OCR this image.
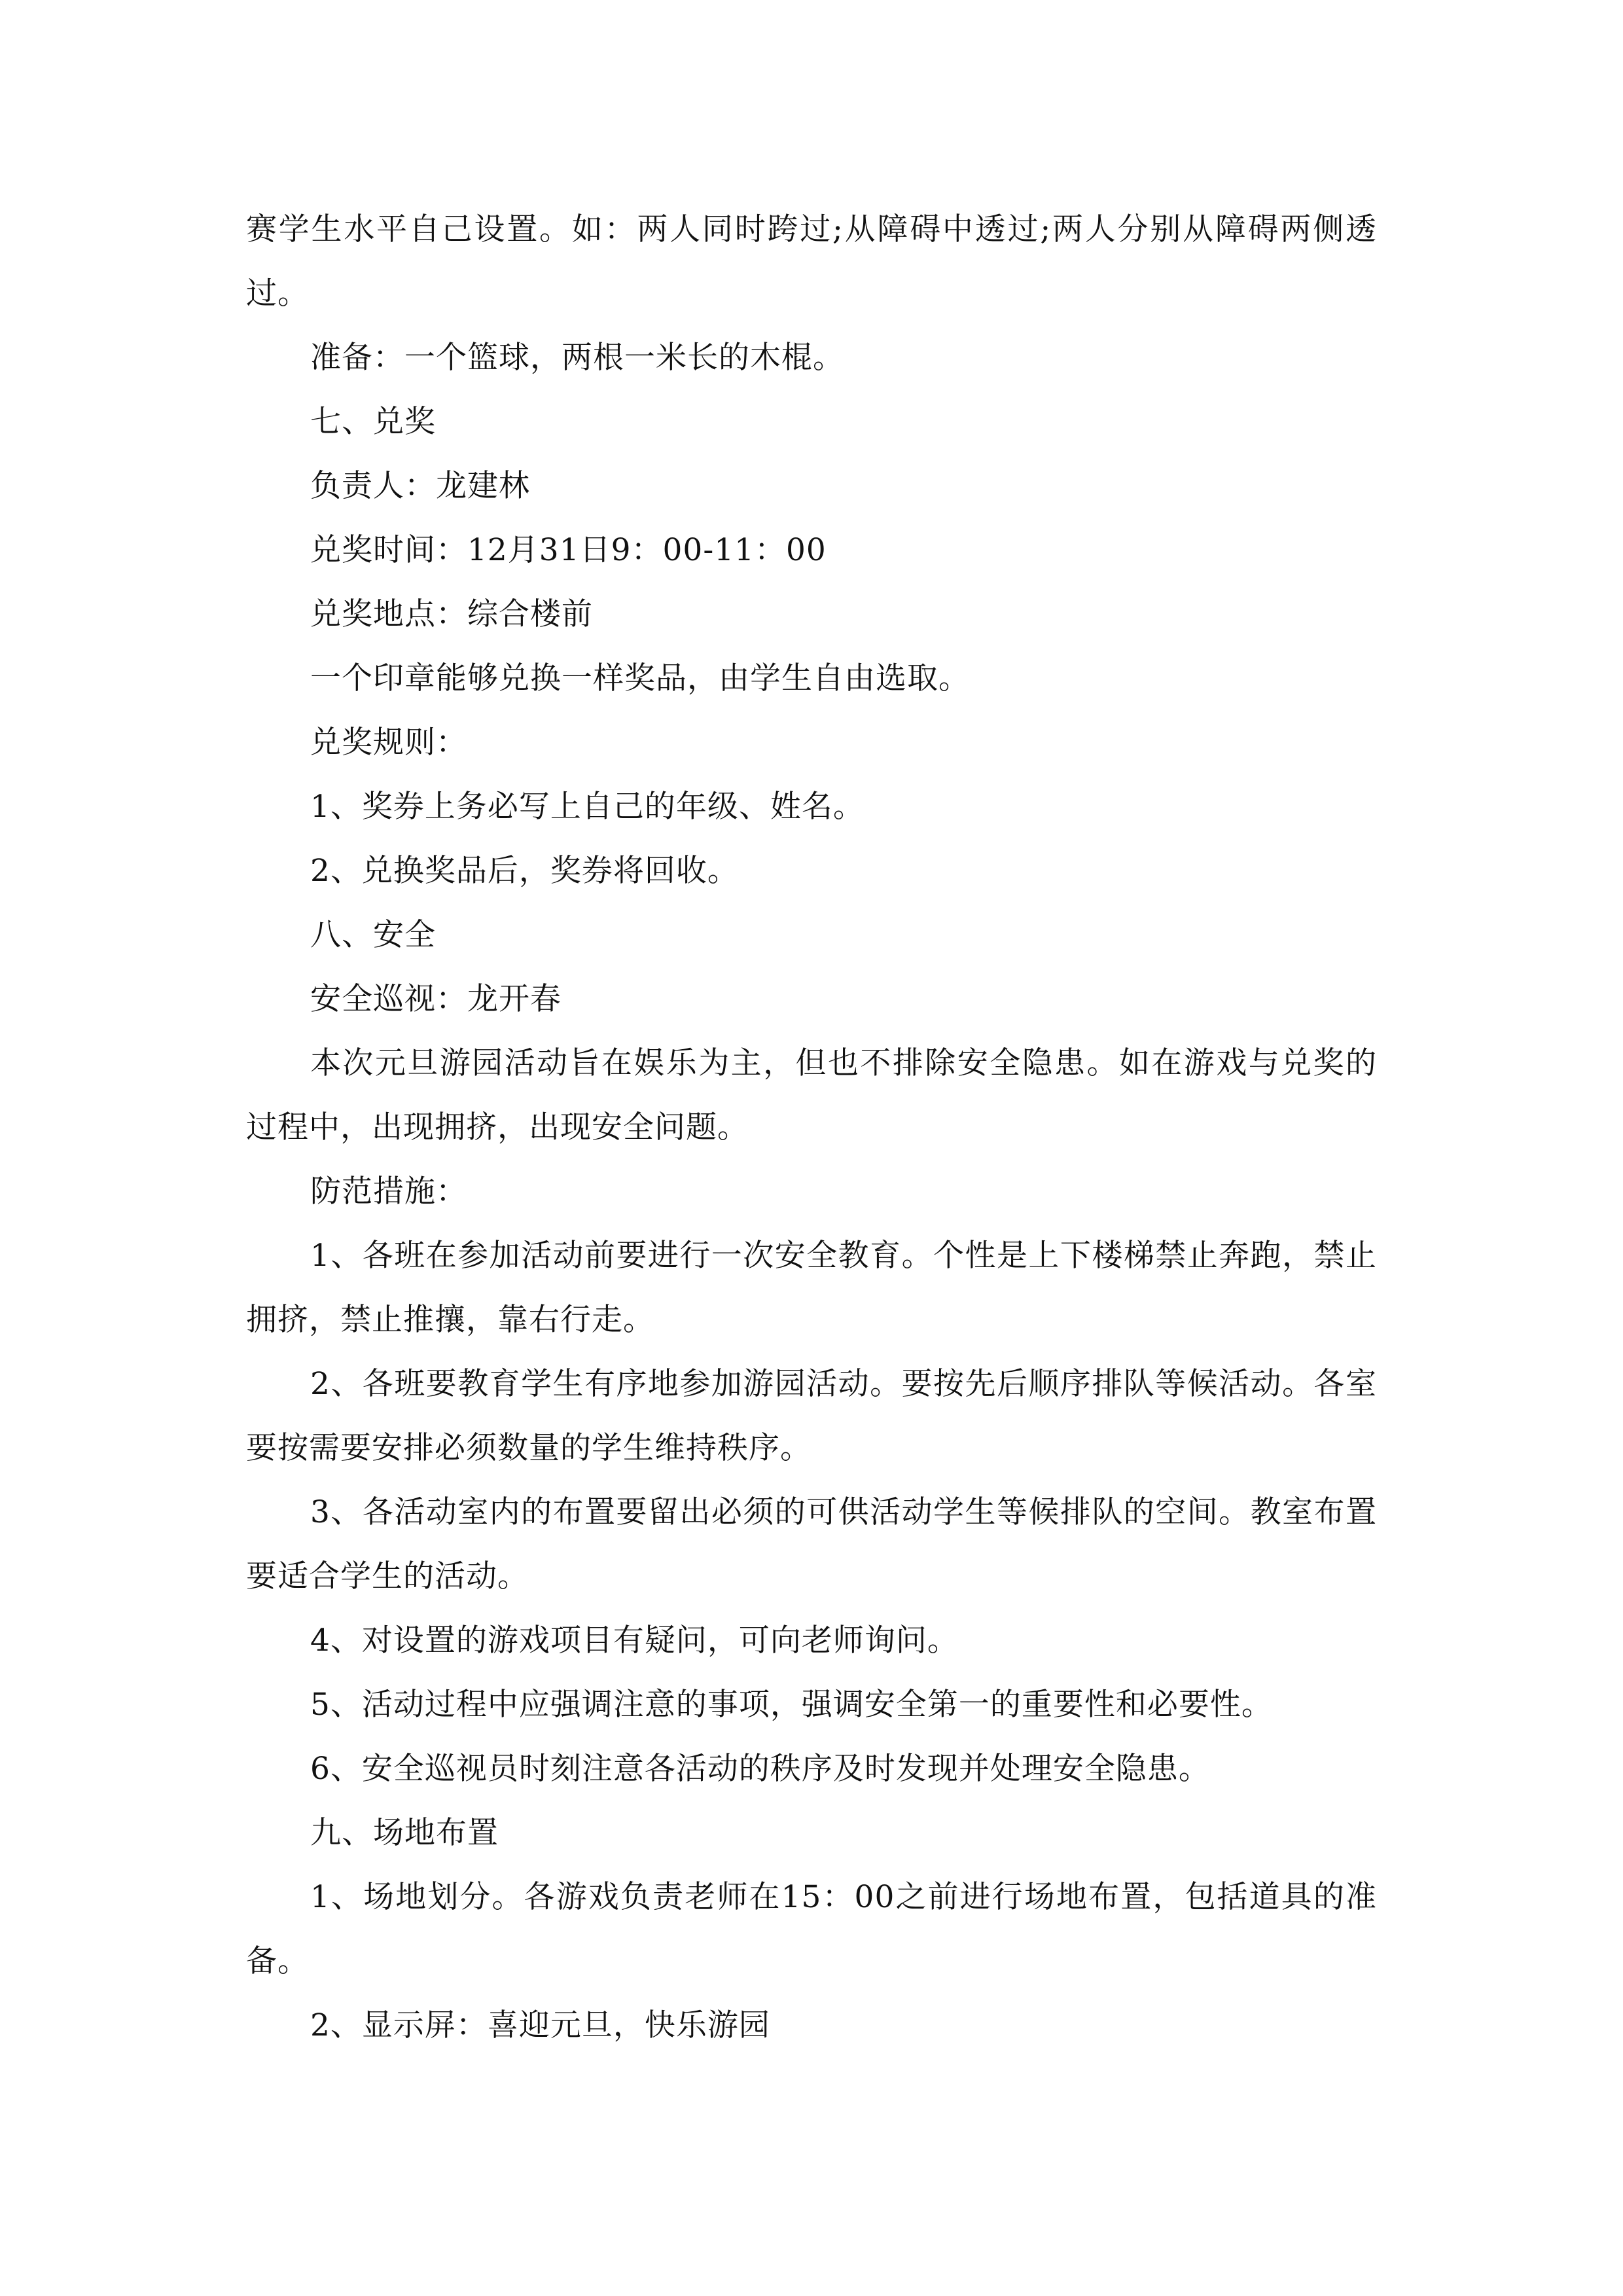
赛学生水平自己设置。如：两人同时跨过;从障碍中透过;两人分别从障碍两侧透过。

准备：一个篮球，两根一米长的木棍。

七、兑奖

负责人：龙建林

兑奖时间：12月31日9：00-11：00

兑奖地点：综合楼前

一个印章能够兑换一样奖品，由学生自由选取。

兑奖规则：

1、奖券上务必写上自己的年级、姓名。

2、兑换奖品后，奖券将回收。

八、安全

安全巡视：龙开春

本次元旦游园活动旨在娱乐为主，但也不排除安全隐患。如在游戏与兑奖的过程中，出现拥挤，出现安全问题。

防范措施：

1、各班在参加活动前要进行一次安全教育。个性是上下楼梯禁止奔跑，禁止拥挤，禁止推攘，靠右行走。

2、各班要教育学生有序地参加游园活动。要按先后顺序排队等候活动。各室要按需要安排必须数量的学生维持秩序。

3、各活动室内的布置要留出必须的可供活动学生等候排队的空间。教室布置要适合学生的活动。

4、对设置的游戏项目有疑问，可向老师询问。

5、活动过程中应强调注意的事项，强调安全第一的重要性和必要性。

6、安全巡视员时刻注意各活动的秩序及时发现并处理安全隐患。

九、场地布置

1、场地划分。各游戏负责老师在15：00之前进行场地布置，包括道具的准备。

2、显示屏：喜迎元旦，快乐游园
